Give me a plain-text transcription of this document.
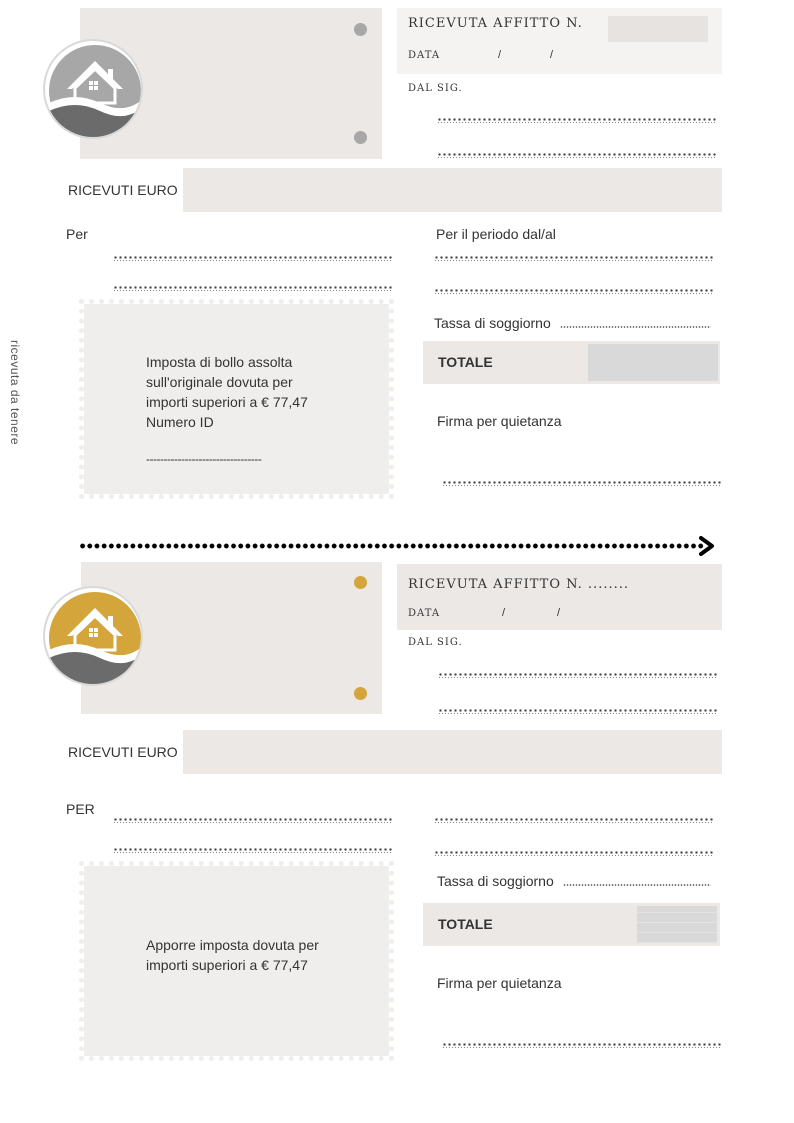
ricevuta da tenere
RICEVUTA AFFITTO N.
DATA	/	/
DAL SIG.
RICEVUTI EURO
Per	Per il periodo dal/al
Imposta di bollo assolta
sull'originale dovuta per
importi superiori a € 77,47
Numero ID
---------------------------------
Tassa di soggiorno
TOTALE
Firma per quietanza
RICEVUTA AFFITTO N. ........
DATA	/	/
DAL SIG.
RICEVUTI EURO
PER
Apporre imposta dovuta per
importi superiori a € 77,47
Tassa di soggiorno
TOTALE
Firma per quietanza
